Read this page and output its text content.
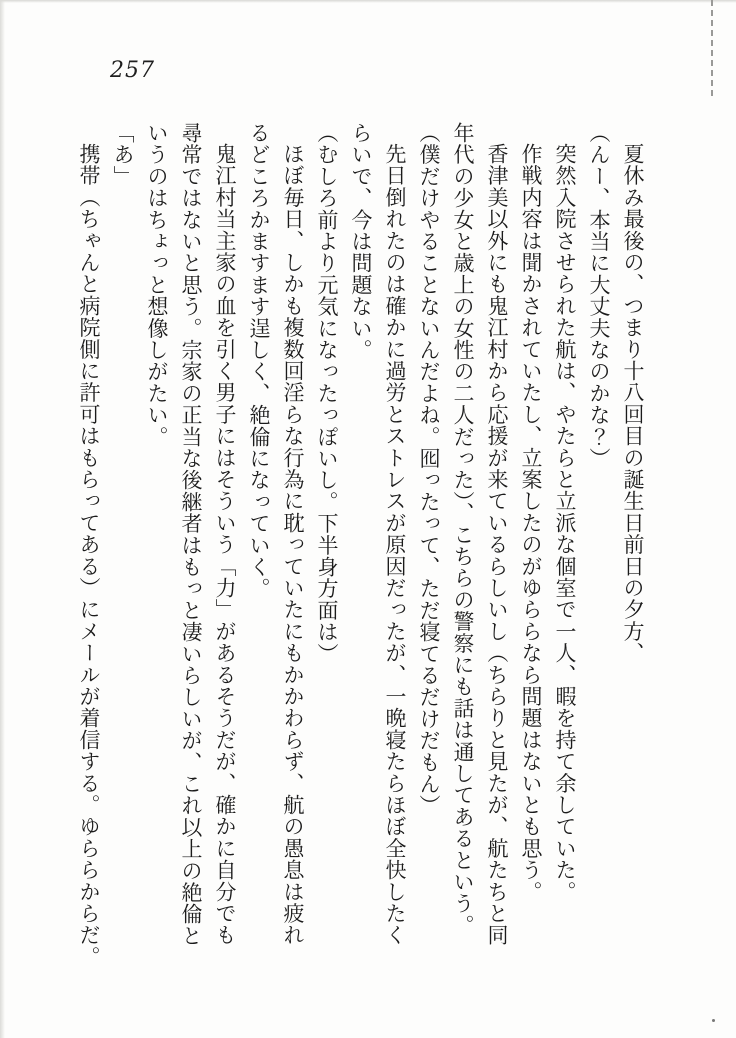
257

夏休み最後の、つまり十八回目の誕生日前日の夕方、

（んー、本当に大丈夫なのかな？）

突然入院させられた航は、やたらと立派な個室で一人、暇を持て余していた。

作戦内容は聞かされていたし、立案したのがゆららなら問題はないとも思う。

香津美以外にも鬼江村から応援が来ているらしいし（ちらりと見たが、航たちと同

年代の少女と歳上の女性の二人だった）、こちらの警察にも話は通してあるという。

（僕だけやることないんだよね。囮ったって、ただ寝てるだけだもん）

先日倒れたのは確かに過労とストレスが原因だったが、一晩寝たらほぼ全快したく

らいで、今は問題ない。

（むしろ前より元気になったっぽいし。下半身方面は）

ほぼ毎日、しかも複数回淫らな行為に耽っていたにもかかわらず、航の愚息は疲れ

るどころかますます逞しく、絶倫になっていく。

鬼江村当主家の血を引く男子にはそういう「力」があるそうだが、確かに自分でも

尋常ではないと思う。宗家の正当な後継者はもっと凄いらしいが、これ以上の絶倫と

いうのはちょっと想像しがたい。

「あ」

携帯（ちゃんと病院側に許可はもらってある）にメールが着信する。ゆららからだ。
